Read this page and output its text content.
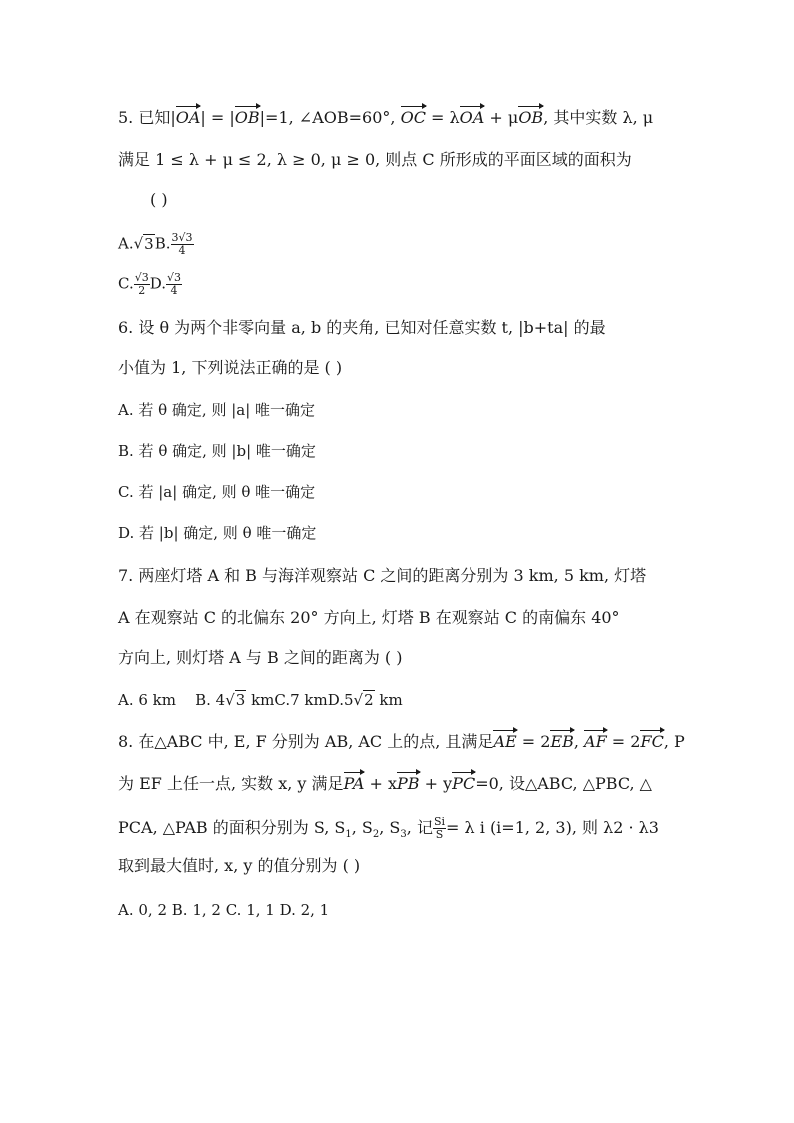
5. 已知|OA| = |OB|=1, ∠AOB=60°, OC = λOA + μOB, 其中实数 λ, μ
满足 1 ≤ λ + μ ≤ 2, λ ≥ 0, μ ≥ 0, 则点 C 所形成的平面区域的面积为
( )
A.√3B. $\frac{3√3}{4}$
C. $\frac{√3}{2} D$. $\frac{√3}{4}$
6. 设 θ 为两个非零向量 a, b 的夹角, 已知对任意实数 t, |b+ta| 的最
小值为 1, 下列说法正确的是 ( )
A. 若 θ 确定, 则 |a| 唯一确定
B. 若 θ 确定, 则 |b| 唯一确定
C. 若 |a| 确定, 则 θ 唯一确定
D. 若 |b| 确定, 则 θ 唯一确定
7. 两座灯塔 A 和 B 与海洋观察站 C 之间的距离分别为 3 km, 5 km, 灯塔
A 在观察站 C 的北偏东 20° 方向上, 灯塔 B 在观察站 C 的南偏东 40°
方向上, 则灯塔 A 与 B 之间的距离为 ( )
A. 6 km B. 4√3 kmC.7 kmD.5√2 km
8. 在△ABC 中, E, F 分别为 AB, AC 上的点, 且满足AE = 2EB, AF = 2FC, P
为 EF 上任一点, 实数 x, y 满足PA + xPB + yPC=0, 设△ABC, △PBC, △
PCA, △PAB 的面积分别为 S, $S_1$, $S_2$, $S_3$, 记 $\frac{Si}{S} = \lambda$ i (i=1, 2, 3), 则 λ2 · λ3
取到最大值时, x, y 的值分别为 ( )
A. 0, 2 B. 1, 2 C. 1, 1 D. 2, 1
